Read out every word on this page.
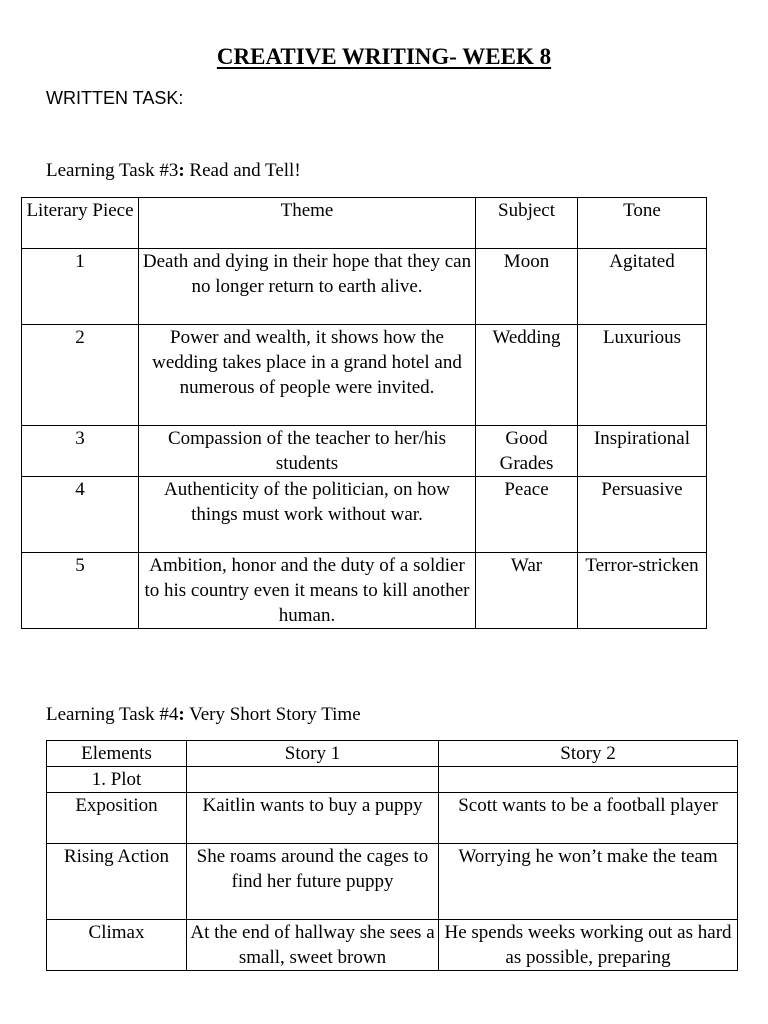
CREATIVE WRITING- WEEK 8
WRITTEN TASK:
Learning Task #3: Read and Tell!
Literary Piece	Theme	Subject	Tone
1	Death and dying in their hope that they can no longer return to earth alive.	Moon	Agitated
2	Power and wealth, it shows how the wedding takes place in a grand hotel and numerous of people were invited.	Wedding	Luxurious
3	Compassion of the teacher to her/his students	Good Grades	Inspirational
4	Authenticity of the politician, on how things must work without war.	Peace	Persuasive
5	Ambition, honor and the duty of a soldier to his country even it means to kill another human.	War	Terror-stricken
Learning Task #4: Very Short Story Time
Elements	Story 1	Story 2
1. Plot		
Exposition	Kaitlin wants to buy a puppy	Scott wants to be a football player
Rising Action	She roams around the cages to find her future puppy	Worrying he won’t make the team
Climax	At the end of hallway she sees a small, sweet brown	He spends weeks working out as hard as possible, preparing
